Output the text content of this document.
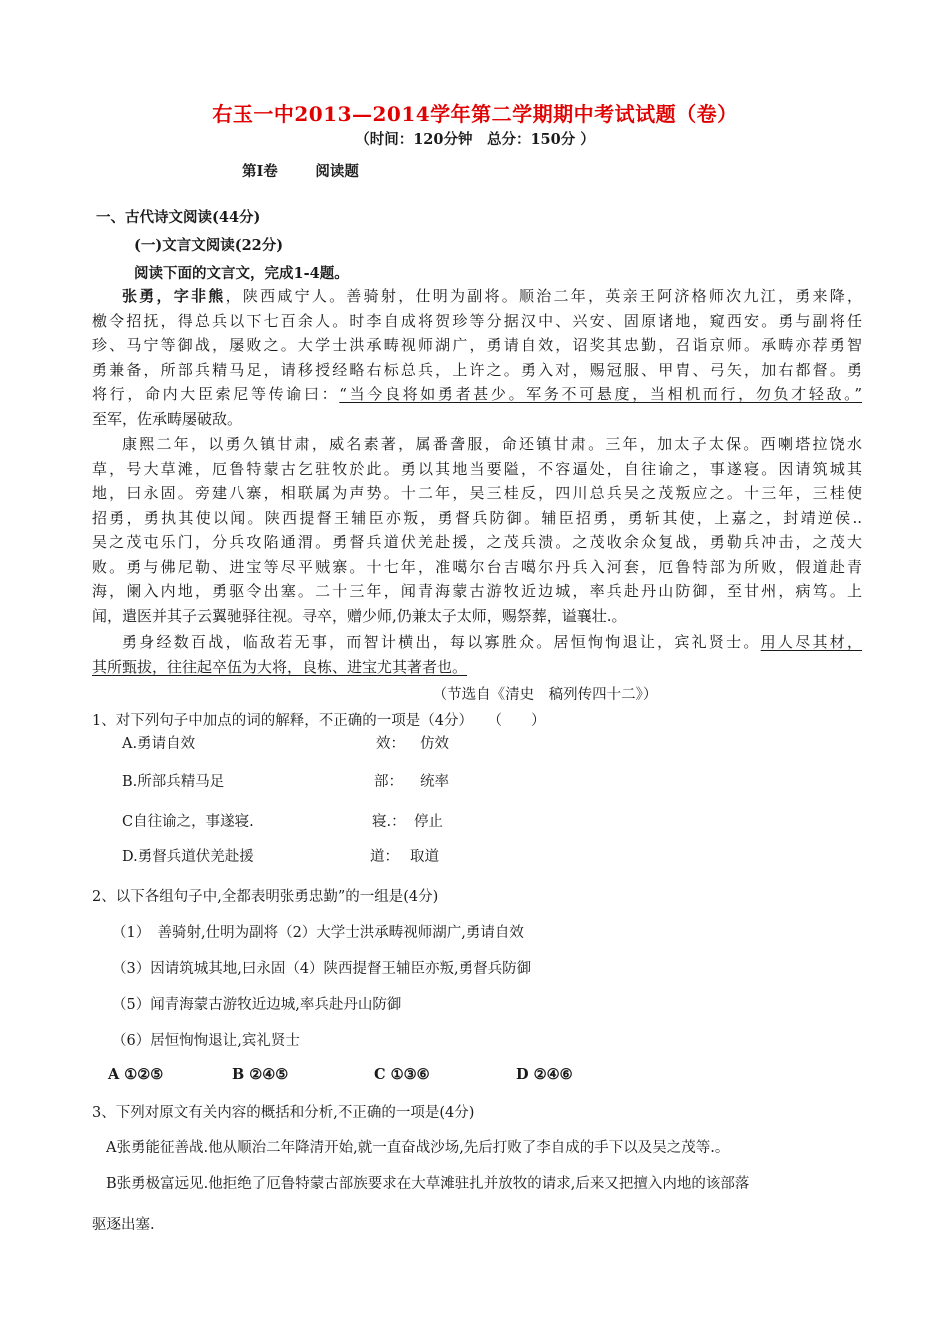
右玉一中2013—2014学年第二学期期中考试试题（卷）
（时间：120分钟　总分：150分 ）
第Ⅰ卷　 阅读题
一、古代诗文阅读(44分)
(一)文言文阅读(22分)
阅读下面的文言文，完成1-4题。
张勇，字非熊，陕西咸宁人。善骑射，仕明为副将。顺治二年，英亲王阿济格师次九江，勇来降，
檄令招抚，得总兵以下七百余人。时李自成将贺珍等分据汉中、兴安、固原诸地，窥西安。勇与副将任
珍、马宁等御战，屡败之。大学士洪承畴视师湖广，勇请自效，诏奖其忠勤，召诣京师。承畴亦荐勇智
勇兼备，所部兵精马足，请移授经略右标总兵，上许之。勇入对，赐冠服、甲胄、弓矢，加右都督。勇
将行，命内大臣索尼等传谕曰：“当今良将如勇者甚少。军务不可悬度，当相机而行，勿负才轻敌。”
至军，佐承畴屡破敌。
康熙二年，以勇久镇甘肃，威名素著，属番詟服，命还镇甘肃。三年，加太子太保。西喇塔拉饶水
草，号大草滩，厄鲁特蒙古乞驻牧於此。勇以其地当要隘，不容逼处，自往谕之，事遂寝。因请筑城其
地，曰永固。旁建八寨，相联属为声势。十二年，吴三桂反，四川总兵吴之茂叛应之。十三年，三桂使
招勇，勇执其使以闻。陕西提督王辅臣亦叛，勇督兵防御。辅臣招勇，勇斩其使，上嘉之，封靖逆侯..
吴之茂屯乐门，分兵攻陷通渭。勇督兵道伏羌赴援，之茂兵溃。之茂收余众复战，勇勒兵冲击，之茂大
败。勇与佛尼勒、进宝等尽平贼寨。十七年，准噶尔台吉噶尔丹兵入河套，厄鲁特部为所败，假道赴青
海，阑入内地，勇驱令出塞。二十三年，闻青海蒙古游牧近边城，率兵赴丹山防御，至甘州，病笃。上
闻，遣医并其子云翼驰驿往视。寻卒，赠少师,仍兼太子太师，赐祭葬，谥襄壮.。
勇身经数百战，临敌若无事，而智计横出，每以寡胜众。居恒恂恂退让，宾礼贤士。用人尽其材，
其所甄拔，往往起卒伍为大将，良栋、进宝尤其著者也。
（节选自《清史　稿列传四十二》）
1、对下列句子中加点的词的解释，不正确的一项是（4分）　　（　　）
A.勇请自效	效： 仿效
B.所部兵精马足	部： 统率
C自往谕之，事遂寝.	寝.： 停止
D.勇督兵道伏羌赴援	道： 取道
2、以下各组句子中,全都表明张勇忠勤”的一组是(4分)
（1）　善骑射,仕明为副将（2）大学士洪承畴视师湖广,勇请自效
（3）因请筑城其地,曰永固（4）陕西提督王辅臣亦叛,勇督兵防御
（5）闻青海蒙古游牧近边城,率兵赴丹山防御
（6）居恒恂恂退让,宾礼贤士
A ①②⑤	B ②④⑤	C ①③⑥	D ②④⑥
3、下列对原文有关内容的概括和分析,不正确的一项是(4分)
A张勇能征善战.他从顺治二年降清开始,就一直奋战沙场,先后打败了李自成的手下以及吴之茂等.。
B张勇极富远见.他拒绝了厄鲁特蒙古部族要求在大草滩驻扎并放牧的请求,后来又把擅入内地的该部落
驱逐出塞.
